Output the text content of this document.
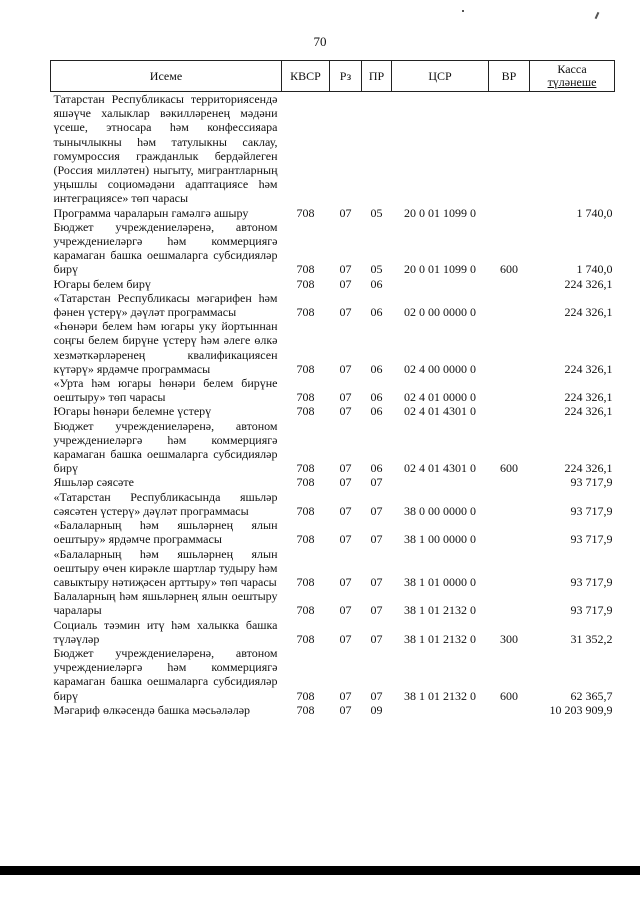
70
Исеме	КВСР	Рз	ПР	ЦСР	ВР	Касса
түләнеше
Татарстан Республикасы территориясендә яшәүче халыклар вәкилләренең мәдәни үсеше, этносара һәм конфессияара тынычлыкны һәм татулыкны саклау, гомумроссия гражданлык бердәйлеген (Россия милләтен) ныгыту, мигрантларның уңышлы социомәдәни адаптациясе һәм интеграциясе» төп чарасы						
Программа чараларын гамәлгә ашыру	708	07	05	20 0 01 1099 0		1 740,0
Бюджет учреждениеләренә, автоном учреждениеләргә һәм коммерциягә карамаган башка оешмаларга субсидияләр бирү	708	07	05	20 0 01 1099 0	600	1 740,0
Югары белем бирү	708	07	06			224 326,1
«Татарстан Республикасы мәгарифен һәм фәнен үстерү» дәүләт программасы	708	07	06	02 0 00 0000 0		224 326,1
«Һөнәри белем һәм югары уку йортыннан соңгы белем бирүне үстерү һәм әлеге өлкә хезмәткәрләренең квалификациясен күтәрү» ярдәмче программасы	708	07	06	02 4 00 0000 0		224 326,1
«Урта һәм югары һөнәри белем бирүне оештыру» төп чарасы	708	07	06	02 4 01 0000 0		224 326,1
Югары һөнәри белемне үстерү	708	07	06	02 4 01 4301 0		224 326,1
Бюджет учреждениеләренә, автоном учреждениеләргә һәм коммерциягә карамаган башка оешмаларга субсидияләр бирү	708	07	06	02 4 01 4301 0	600	224 326,1
Яшьләр сәясәте	708	07	07			93 717,9
«Татарстан Республикасында яшьләр сәясәтен үстерү» дәүләт программасы	708	07	07	38 0 00 0000 0		93 717,9
«Балаларның һәм яшьләрнең ялын оештыру» ярдәмче программасы	708	07	07	38 1 00 0000 0		93 717,9
«Балаларның һәм яшьләрнең ялын оештыру өчен кирәкле шартлар тудыру һәм савыктыру нәтиҗәсен арттыру» төп чарасы	708	07	07	38 1 01 0000 0		93 717,9
Балаларның һәм яшьләрнең ялын оештыру чаралары	708	07	07	38 1 01 2132 0		93 717,9
Социаль тәэмин итү һәм халыкка башка түләүләр	708	07	07	38 1 01 2132 0	300	31 352,2
Бюджет учреждениеләренә, автоном учреждениеләргә һәм коммерциягә карамаган башка оешмаларга субсидияләр бирү	708	07	07	38 1 01 2132 0	600	62 365,7
Мәгариф өлкәсендә башка мәсьәләләр	708	07	09			10 203 909,9
